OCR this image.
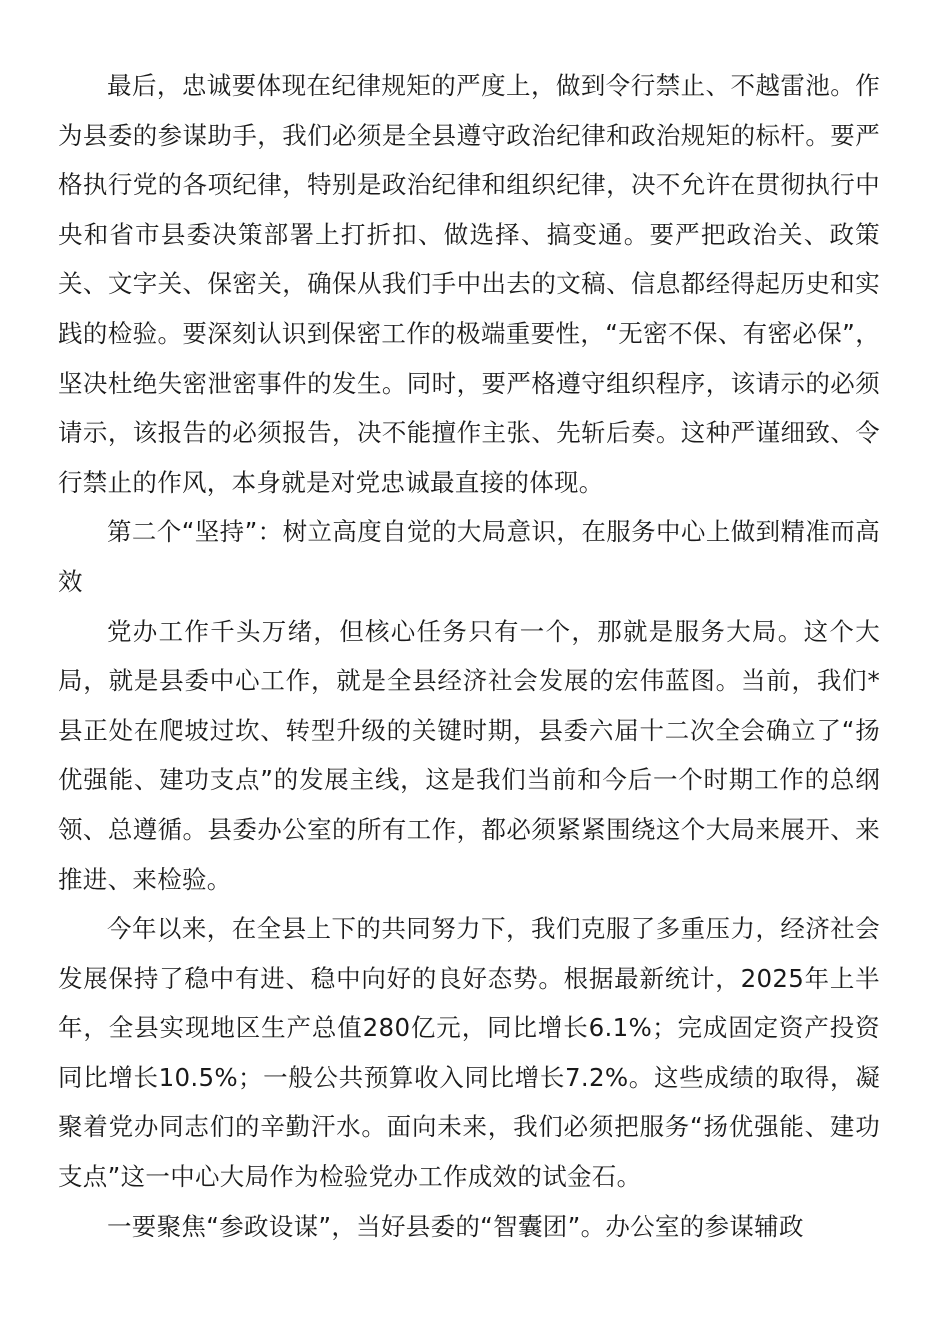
最后，忠诚要体现在纪律规矩的严度上，做到令行禁止、不越雷池。作为县委的参谋助手，我们必须是全县遵守政治纪律和政治规矩的标杆。要严格执行党的各项纪律，特别是政治纪律和组织纪律，决不允许在贯彻执行中央和省市县委决策部署上打折扣、做选择、搞变通。要严把政治关、政策关、文字关、保密关，确保从我们手中出去的文稿、信息都经得起历史和实践的检验。要深刻认识到保密工作的极端重要性，“无密不保、有密必保”，坚决杜绝失密泄密事件的发生。同时，要严格遵守组织程序，该请示的必须请示，该报告的必须报告，决不能擅作主张、先斩后奏。这种严谨细致、令行禁止的作风，本身就是对党忠诚最直接的体现。

第二个“坚持”：树立高度自觉的大局意识，在服务中心上做到精准而高效

党办工作千头万绪，但核心任务只有一个，那就是服务大局。这个大局，就是县委中心工作，就是全县经济社会发展的宏伟蓝图。当前，我们*县正处在爬坡过坎、转型升级的关键时期，县委六届十二次全会确立了“扬优强能、建功支点”的发展主线，这是我们当前和今后一个时期工作的总纲领、总遵循。县委办公室的所有工作，都必须紧紧围绕这个大局来展开、来推进、来检验。

今年以来，在全县上下的共同努力下，我们克服了多重压力，经济社会发展保持了稳中有进、稳中向好的良好态势。根据最新统计，2025年上半年，全县实现地区生产总值280亿元，同比增长6.1%；完成固定资产投资同比增长10.5%；一般公共预算收入同比增长7.2%。这些成绩的取得，凝聚着党办同志们的辛勤汗水。面向未来，我们必须把服务“扬优强能、建功支点”这一中心大局作为检验党办工作成效的试金石。

一要聚焦“参政设谋”，当好县委的“智囊团”。办公室的参谋辅政
